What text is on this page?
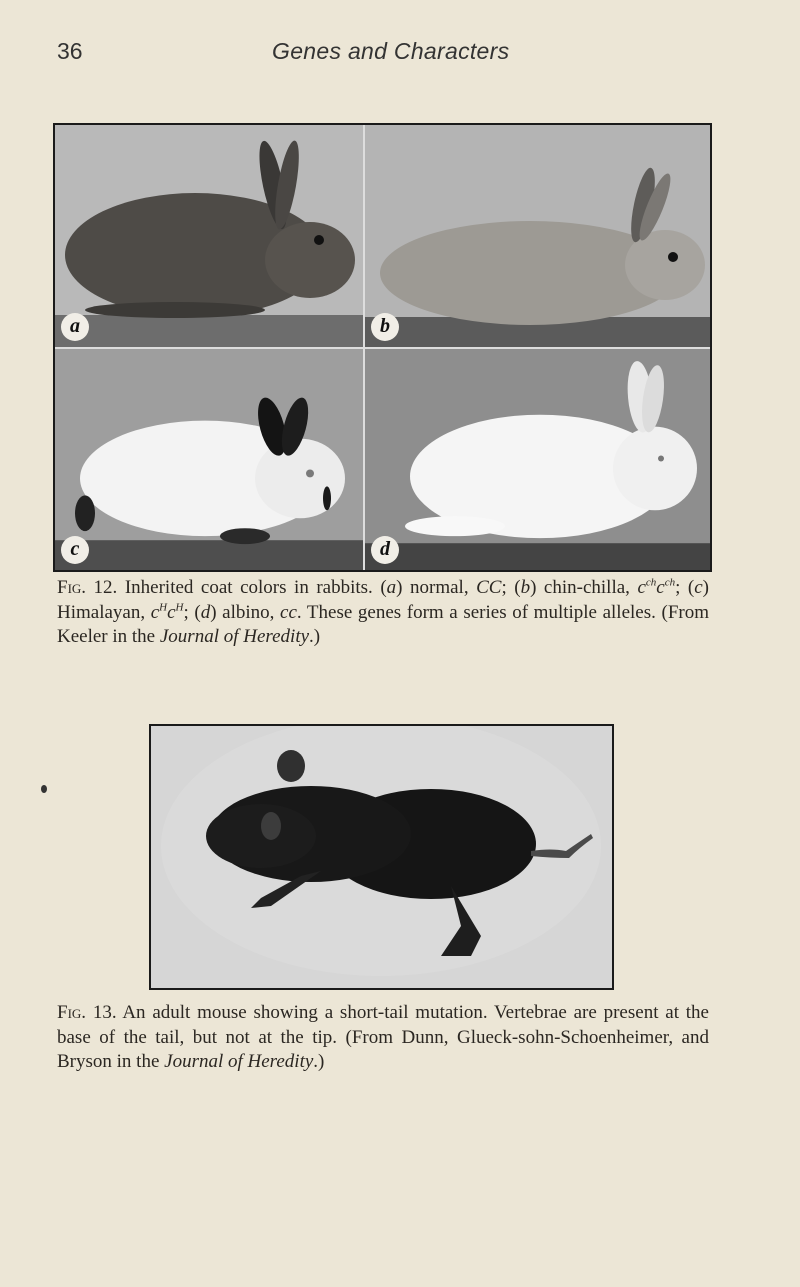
36	Genes and Characters
a	b
c	d
Fig. 12. Inherited coat colors in rabbits. (a) normal, CC; (b) chin-chilla, $c^{ch}c^{ch}$; (c) Himalayan, $c^Hc^H$; (d) albino, cc. These genes form a series of multiple alleles. (From Keeler in the Journal of Heredity.)
Fig. 13. An adult mouse showing a short-tail mutation. Vertebrae are present at the base of the tail, but not at the tip. (From Dunn, Glueck-sohn-Schoenheimer, and Bryson in the Journal of Heredity.)
